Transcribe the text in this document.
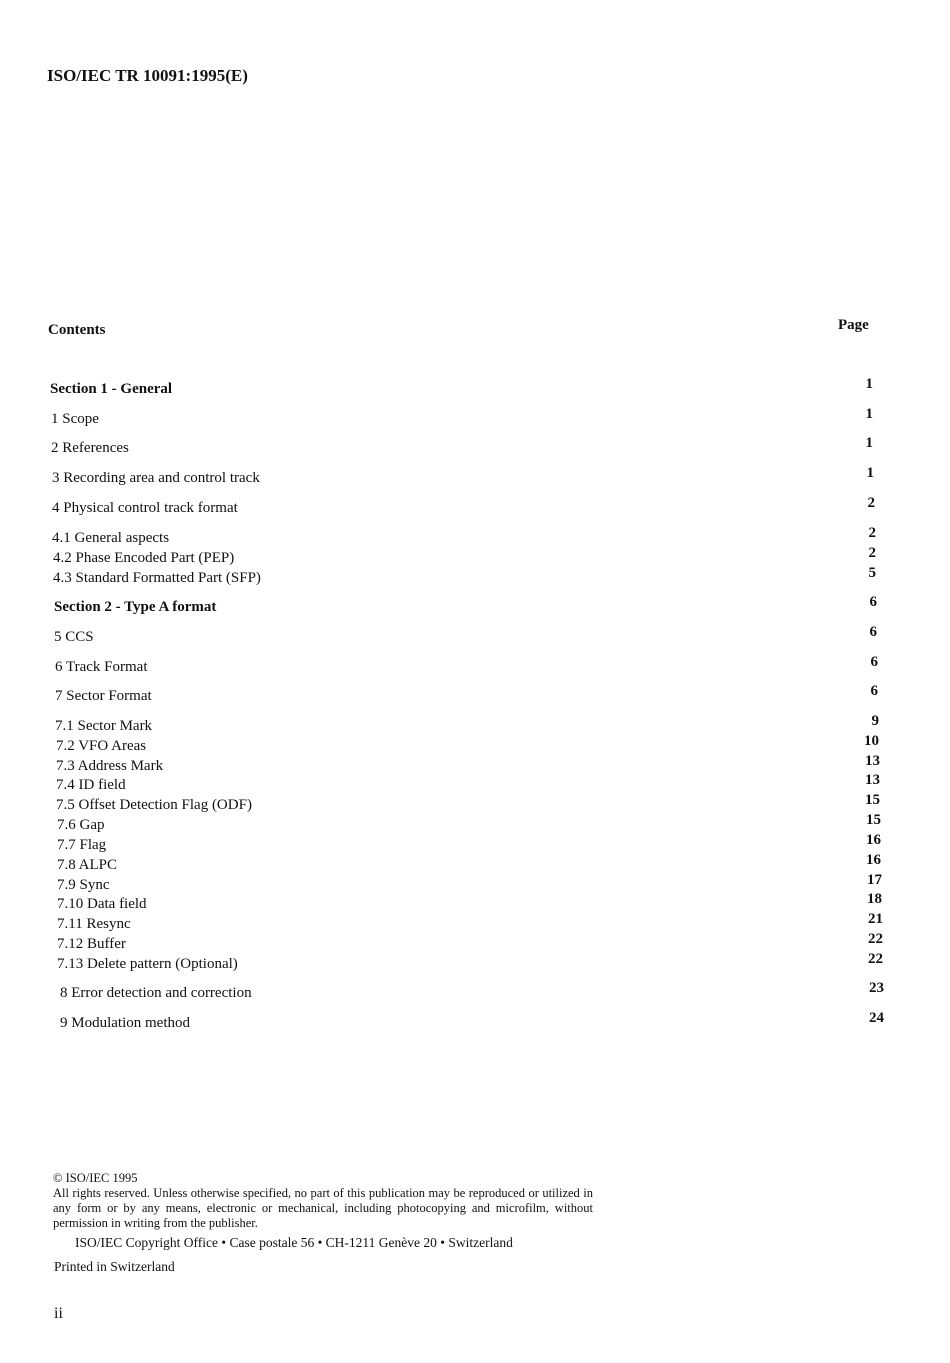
ISO/IEC TR 10091:1995(E)
Contents	Page
Section 1 - General	1
1 Scope	1
2 References	1
3 Recording area and control track	1
4 Physical control track format	2
4.1 General aspects	2
4.2 Phase Encoded Part (PEP)	2
4.3 Standard Formatted Part (SFP)	5
Section 2 - Type A format	6
5 CCS	6
6 Track Format	6
7 Sector Format	6
7.1 Sector Mark	9
7.2 VFO Areas	10
7.3 Address Mark	13
7.4 ID field	13
7.5 Offset Detection Flag (ODF)	15
7.6 Gap	15
7.7 Flag	16
7.8 ALPC	16
7.9 Sync	17
7.10 Data field	18
7.11 Resync	21
7.12 Buffer	22
7.13 Delete pattern (Optional)	22
8 Error detection and correction	23
9 Modulation method	24

© ISO/IEC 1995

All rights reserved. Unless otherwise specified, no part of this publication may be reproduced or utilized in any form or by any means, electronic or mechanical, including photocopying and microfilm, without permission in writing from the publisher.

ISO/IEC Copyright Office • Case postale 56 • CH-1211 Genève 20 • Switzerland
Printed in Switzerland
ii
